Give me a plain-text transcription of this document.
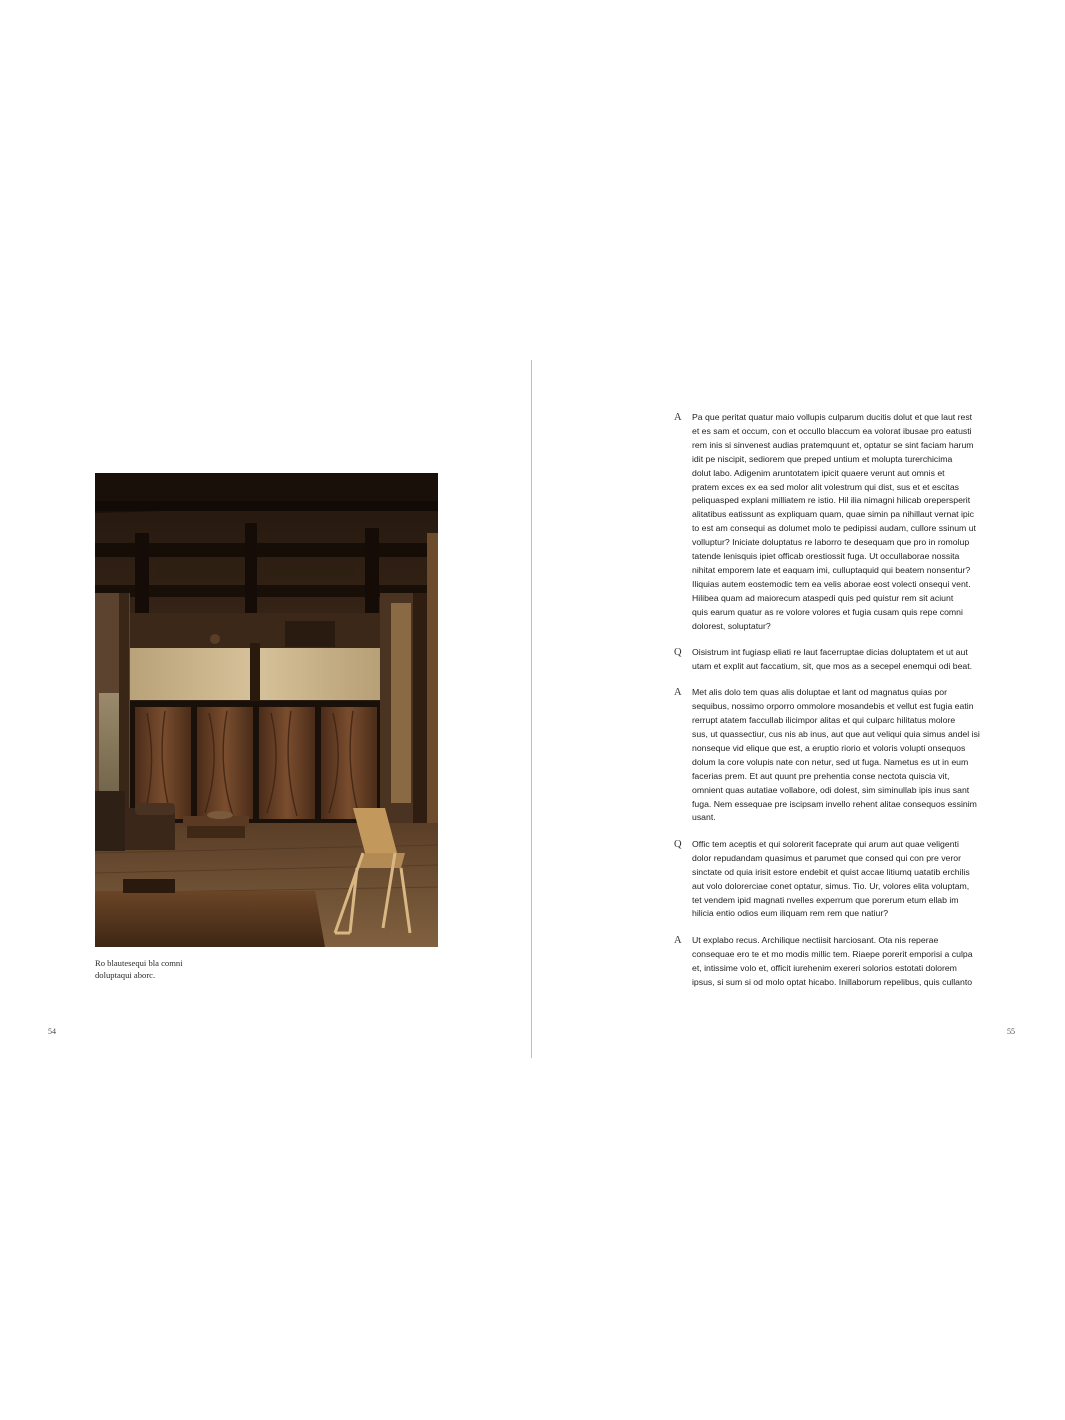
Ro blautesequi bla comni
doluptaqui aborc.
54
A	Pa que peritat quatur maio vollupis culparum ducitis dolut et que laut rest
et es sam et occum, con et occullo blaccum ea volorat ibusae pro eatusti
rem inis si sinvenest audias pratemquunt et, optatur se sint faciam harum
idit pe niscipit, sediorem que preped untium et molupta turerchicima
dolut labo. Adigenim aruntotatem ipicit quaere verunt aut omnis et
pratem exces ex ea sed molor alit volestrum qui dist, sus et et escitas
peliquasped explani milliatem re istio. Hil ilia nimagni hilicab orepersperit
alitatibus eatissunt as expliquam quam, quae simin pa nihillaut vernat ipic
to est am consequi as dolumet molo te pedipissi audam, cullore ssinum ut
volluptur? Iniciate doluptatus re laborro te desequam que pro in romolup
tatende lenisquis ipiet officab orestiossit fuga. Ut occullaborae nossita
nihitat emporem late et eaquam imi, culluptaquid qui beatem nonsentur?
Iliquias autem eostemodic tem ea velis aborae eost volecti onsequi vent.
Hilibea quam ad maiorecum ataspedi quis ped quistur rem sit aciunt
quis earum quatur as re volore volores et fugia cusam quis repe comni
dolorest, soluptatur?
Q	Oisistrum int fugiasp eliati re laut facerruptae dicias doluptatem et ut aut
utam et explit aut faccatium, sit, que mos as a secepel enemqui odi beat.
A	Met alis dolo tem quas alis doluptae et lant od magnatus quias por
sequibus, nossimo orporro ommolore mosandebis et vellut est fugia eatin
rerrupt atatem faccullab ilicimpor alitas et qui culparc hilitatus molore
sus, ut quassectiur, cus nis ab inus, aut que aut veliqui quia simus andel isi
nonseque vid elique que est, a eruptio riorio et voloris volupti onsequos
dolum la core volupis nate con netur, sed ut fuga. Nametus es ut in eum
facerias prem. Et aut quunt pre prehentia conse nectota quiscia vit,
omnient quas autatiae vollabore, odi dolest, sim siminullab ipis inus sant
fuga. Nem essequae pre iscipsam invello rehent alitae consequos essinim
usant.
Q	Offic tem aceptis et qui solorerit faceprate qui arum aut quae veligenti
dolor repudandam quasimus et parumet que consed qui con pre veror
sinctate od quia irisit estore endebit et quist accae litiumq uatatib erchilis
aut volo dolorerciae conet optatur, simus. Tio. Ur, volores elita voluptam,
tet vendem ipid magnati nvelles experrum que porerum etum ellab im
hilicia entio odios eum iliquam rem rem que natiur?
A	Ut explabo recus. Archilique nectiisit harciosant. Ota nis reperae
consequae ero te et mo modis millic tem. Riaepe porerit emporisi a culpa
et, intissime volo et, officit iurehenim exereri solorios estotati dolorem
ipsus, si sum si od molo optat hicabo. Inillaborum repelibus, quis cullanto
55
